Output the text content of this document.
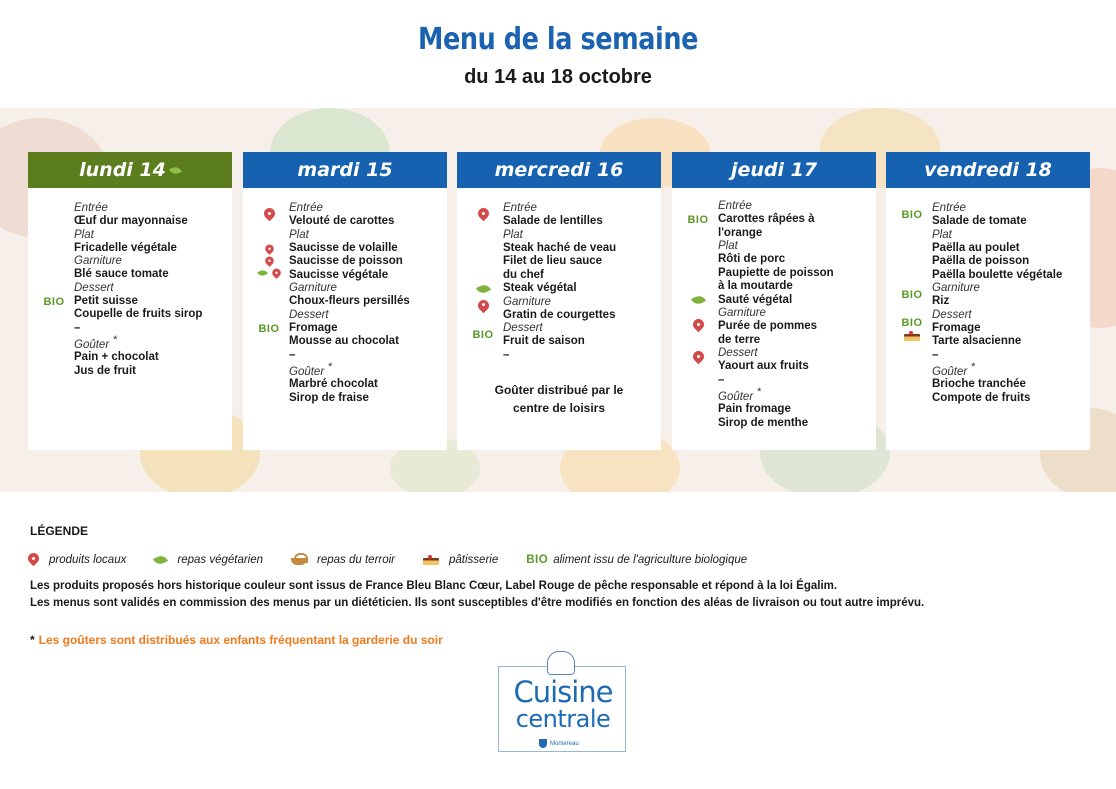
Menu de la semaine
du 14 au 18 octobre
lundi 14
Entrée
Œuf dur mayonnaise
Plat
Fricadelle végétale
Garniture
Blé sauce tomate
BIO
Dessert
Petit suisse
Coupelle de fruits sirop
–
Goûter *
Pain + chocolat
Jus de fruit
mardi 15
Entrée
Velouté de carottes
Plat
Saucisse de volaille
Saucisse de poisson
Saucisse végétale
Garniture
Choux-fleurs persillés
BIO
Dessert
Fromage
Mousse au chocolat
–
Goûter *
Marbré chocolat
Sirop de fraise
mercredi 16
Entrée
Salade de lentilles
Plat
Steak haché de veau
Filet de lieu sauce
du chef
Steak végétal
Garniture
Gratin de courgettes
BIO
Dessert
Fruit de saison
–
Goûter distribué par le
centre de loisirs
jeudi 17
BIO
Entrée
Carottes râpées à
l'orange
Plat
Rôti de porc
Paupiette de poisson
à la moutarde
Sauté végétal
Garniture
Purée de pommes
de terre
Dessert
Yaourt aux fruits
–
Goûter *
Pain fromage
Sirop de menthe
vendredi 18
BIO
Entrée
Salade de tomate
Plat
Paëlla au poulet
Paëlla de poisson
Paëlla boulette végétale
BIO
Garniture
Riz
BIO
Dessert
Fromage
Tarte alsacienne
–
Goûter *
Brioche tranchée
Compote de fruits
LÉGENDE
produits locaux	repas végétarien	repas du terroir	pâtisserie BIO aliment issu de l'agriculture biologique
Les produits proposés hors historique couleur sont issus de France Bleu Blanc Cœur, Label Rouge de pêche responsable et répond à la loi Égalim.
Les menus sont validés en commission des menus par un diététicien. Ils sont susceptibles d'être modifiés en fonction des aléas de livraison ou tout autre imprévu.
* Les goûters sont distribués aux enfants fréquentant la garderie du soir
Cuisine
centrale
Montereau
